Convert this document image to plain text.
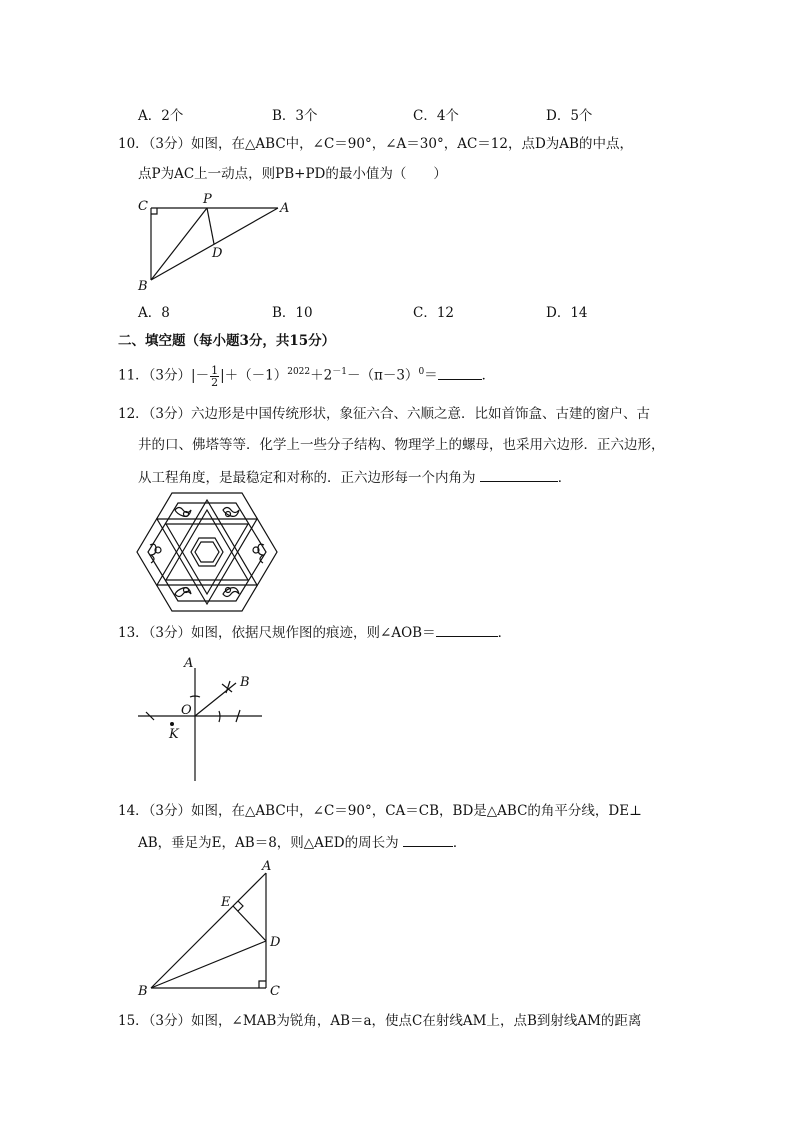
A．2个	B．3个	C．4个	D．5个
10．（3分）如图，在△ABC中，∠C＝90°，∠A＝30°，AC＝12，点D为AB的中点，
点P为AC上一动点，则PB+PD的最小值为（　　）
C	P
A
D
B
A．8	B．10	C．12	D．14
二、填空题（每小题3分，共15分）
11．（3分）|－ $\frac{1}{2} |+(-1)^{2022}+2^{-1}-(\pi-3)^0=$	．
12．（3分）六边形是中国传统形状，象征六合、六顺之意．比如首饰盒、古建的窗户、古
井的口、佛塔等等．化学上一些分子结构、物理学上的螺母，也采用六边形．正六边形，
从工程角度，是最稳定和对称的．正六边形每一个内角为	．
13．（3分）如图，依据尺规作图的痕迹，则∠AOB＝	．
A
B
O
K
14．（3分）如图，在△ABC中，∠C＝90°，CA＝CB，BD是△ABC的角平分线，DE⊥
AB，垂足为E，AB＝8，则△AED的周长为	．
A
E
D
B	C
15．（3分）如图，∠MAB为锐角，AB＝a，使点C在射线AM上，点B到射线AM的距离
